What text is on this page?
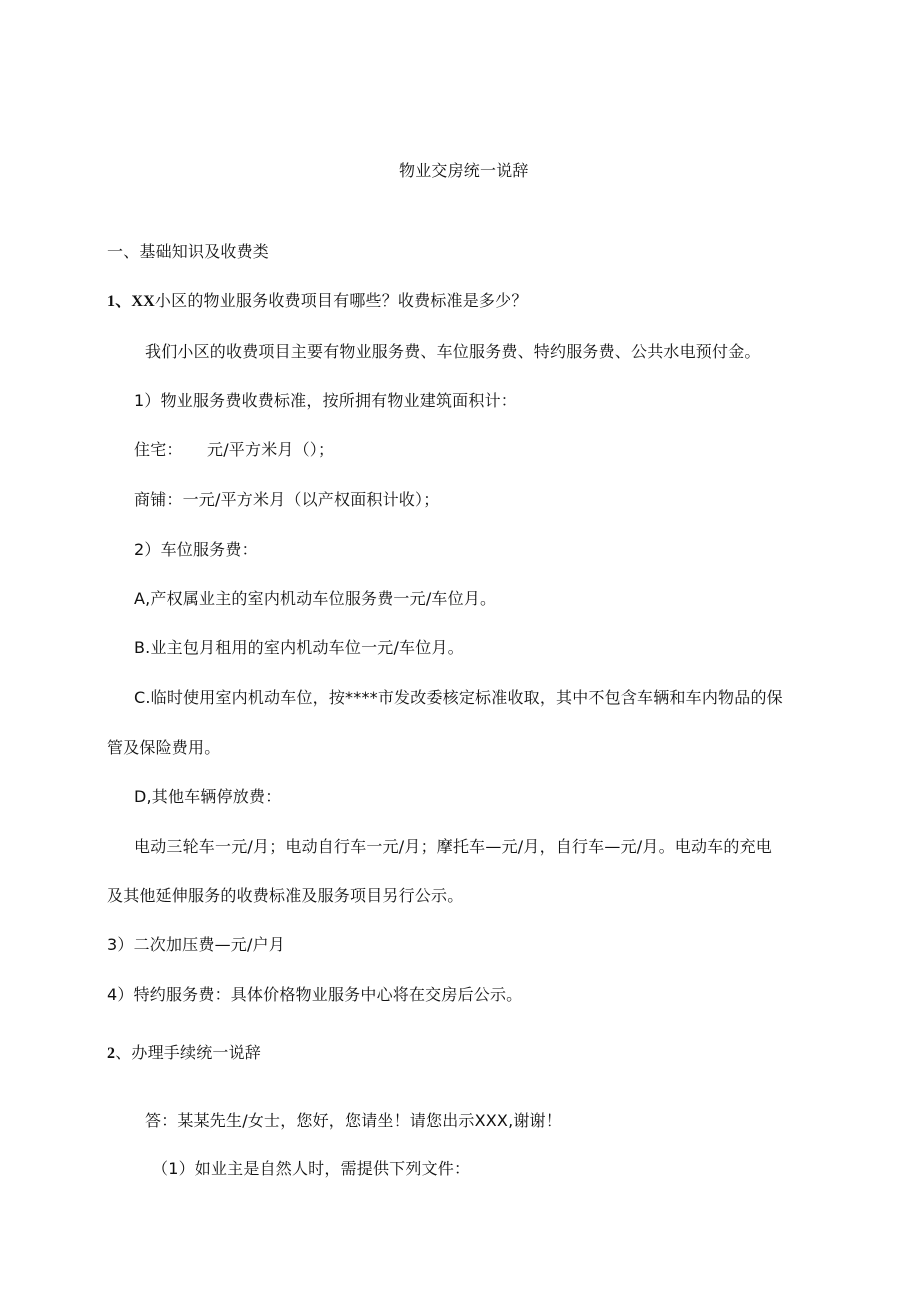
物业交房统一说辞

一、基础知识及收费类

1、XX小区的物业服务收费项目有哪些？收费标准是多少？

我们小区的收费项目主要有物业服务费、车位服务费、特约服务费、公共水电预付金。

1）物业服务费收费标准，按所拥有物业建筑面积计：

住宅：　　元/平方米月（）；

商铺：一元/平方米月（以产权面积计收）；

2）车位服务费：

A,产权属业主的室内机动车位服务费一元/车位月。

B.业主包月租用的室内机动车位一元/车位月。

C.临时使用室内机动车位，按****市发改委核定标准收取，其中不包含车辆和车内物品的保

管及保险费用。

D,其他车辆停放费：

电动三轮车一元/月；电动自行车一元/月；摩托车—元/月，自行车—元/月。电动车的充电

及其他延伸服务的收费标准及服务项目另行公示。

3）二次加压费—元/户月

4）特约服务费：具体价格物业服务中心将在交房后公示。

2、办理手续统一说辞

答：某某先生/女士，您好，您请坐！请您出示XXX,谢谢！

（1）如业主是自然人时，需提供下列文件：
